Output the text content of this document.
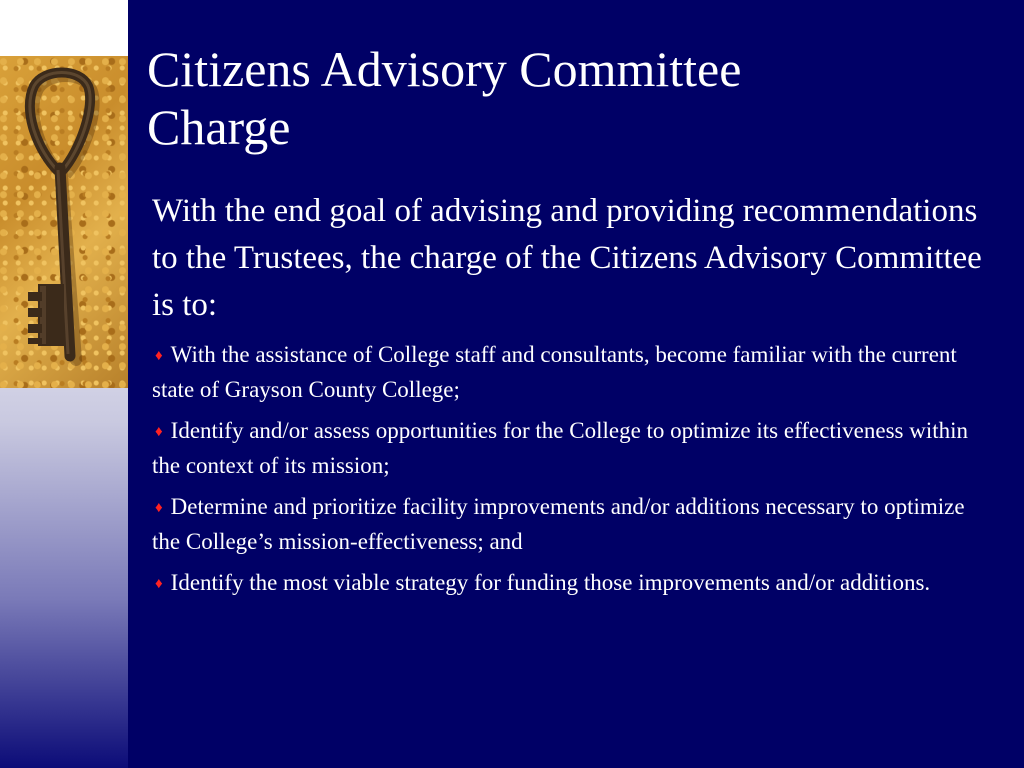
Citizens Advisory Committee
Charge

With the end goal of advising and providing recommendations to the Trustees, the charge of the Citizens Advisory Committee is to:

♦ With the assistance of College staff and consultants, become familiar with the current state of Grayson County College;
♦ Identify and/or assess opportunities for the College to optimize its effectiveness within the context of its mission;
♦ Determine and prioritize facility improvements and/or additions necessary to optimize the College’s mission-effectiveness; and
♦ Identify the most viable strategy for funding those improvements and/or additions.
